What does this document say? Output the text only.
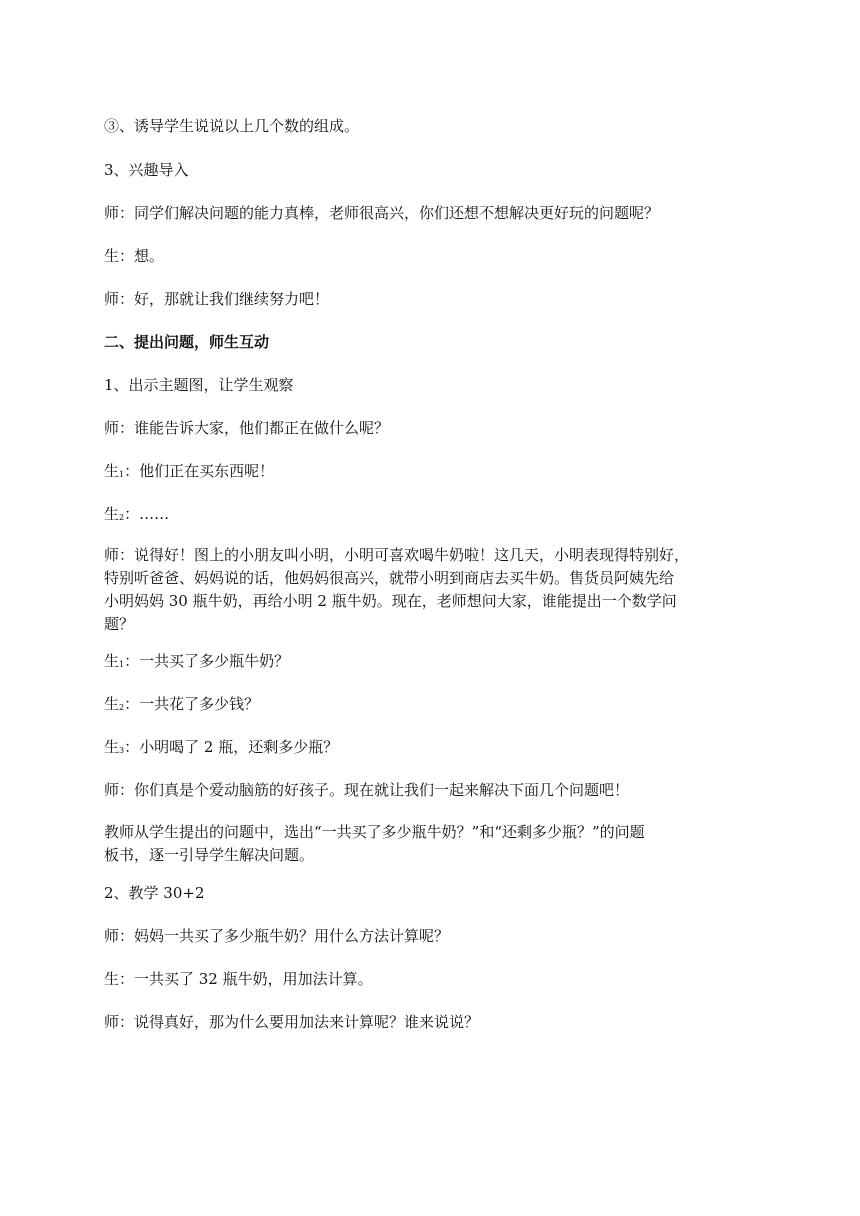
③、诱导学生说说以上几个数的组成。
3、兴趣导入
师：同学们解决问题的能力真棒，老师很高兴，你们还想不想解决更好玩的问题呢？
生：想。
师：好，那就让我们继续努力吧！
二、提出问题，师生互动
1、出示主题图，让学生观察
师：谁能告诉大家，他们都正在做什么呢？
生$_1$：他们正在买东西呢！
生$_2$：……
师：说得好！图上的小朋友叫小明，小明可喜欢喝牛奶啦！这几天，小明表现得特别好，
特别听爸爸、妈妈说的话，他妈妈很高兴，就带小明到商店去买牛奶。售货员阿姨先给
小明妈妈 30 瓶牛奶，再给小明 2 瓶牛奶。现在，老师想问大家，谁能提出一个数学问
题？
生$_1$：一共买了多少瓶牛奶？
生$_2$：一共花了多少钱？
生$_3$：小明喝了 2 瓶，还剩多少瓶？
师：你们真是个爱动脑筋的好孩子。现在就让我们一起来解决下面几个问题吧！
教师从学生提出的问题中，选出“一共买了多少瓶牛奶？”和“还剩多少瓶？”的问题
板书，逐一引导学生解决问题。
2、教学 30+2
师：妈妈一共买了多少瓶牛奶？用什么方法计算呢？
生：一共买了 32 瓶牛奶，用加法计算。
师：说得真好，那为什么要用加法来计算呢？谁来说说？
